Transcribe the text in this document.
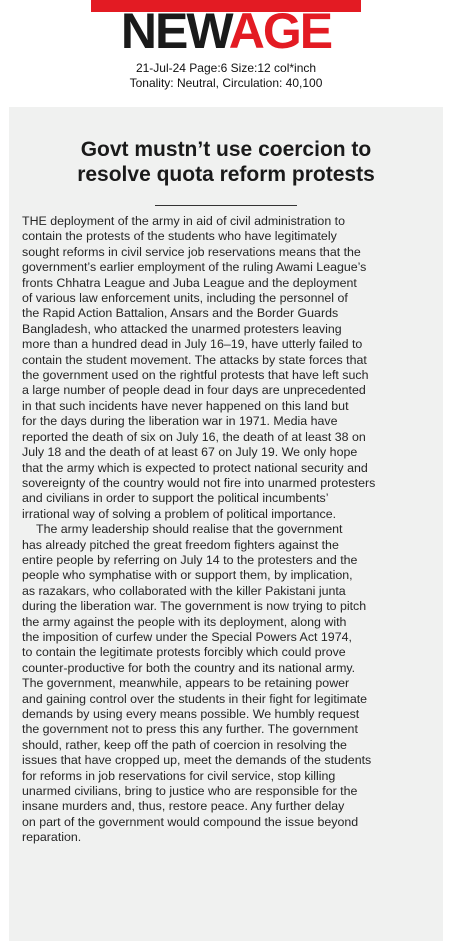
NEWAGE
21-Jul-24 Page:6 Size:12 col*inch
Tonality: Neutral, Circulation: 40,100
Govt mustn’t use coercion to
resolve quota reform protests
THE deployment of the army in aid of civil administration to
contain the protests of the students who have legitimately
sought reforms in civil service job reservations means that the
government’s earlier employment of the ruling Awami League’s
fronts Chhatra League and Juba League and the deployment
of various law enforcement units, including the personnel of
the Rapid Action Battalion, Ansars and the Border Guards
Bangladesh, who attacked the unarmed protesters leaving
more than a hundred dead in July 16–19, have utterly failed to
contain the student movement. The attacks by state forces that
the government used on the rightful protests that have left such
a large number of people dead in four days are unprecedented
in that such incidents have never happened on this land but
for the days during the liberation war in 1971. Media have
reported the death of six on July 16, the death of at least 38 on
July 18 and the death of at least 67 on July 19. We only hope
that the army which is expected to protect national security and
sovereignty of the country would not fire into unarmed protesters
and civilians in order to support the political incumbents’
irrational way of solving a problem of political importance.
The army leadership should realise that the government
has already pitched the great freedom fighters against the
entire people by referring on July 14 to the protesters and the
people who symphatise with or support them, by implication,
as razakars, who collaborated with the killer Pakistani junta
during the liberation war. The government is now trying to pitch
the army against the people with its deployment, along with
the imposition of curfew under the Special Powers Act 1974,
to contain the legitimate protests forcibly which could prove
counter-productive for both the country and its national army.
The government, meanwhile, appears to be retaining power
and gaining control over the students in their fight for legitimate
demands by using every means possible. We humbly request
the government not to press this any further. The government
should, rather, keep off the path of coercion in resolving the
issues that have cropped up, meet the demands of the students
for reforms in job reservations for civil service, stop killing
unarmed civilians, bring to justice who are responsible for the
insane murders and, thus, restore peace. Any further delay
on part of the government would compound the issue beyond
reparation.
